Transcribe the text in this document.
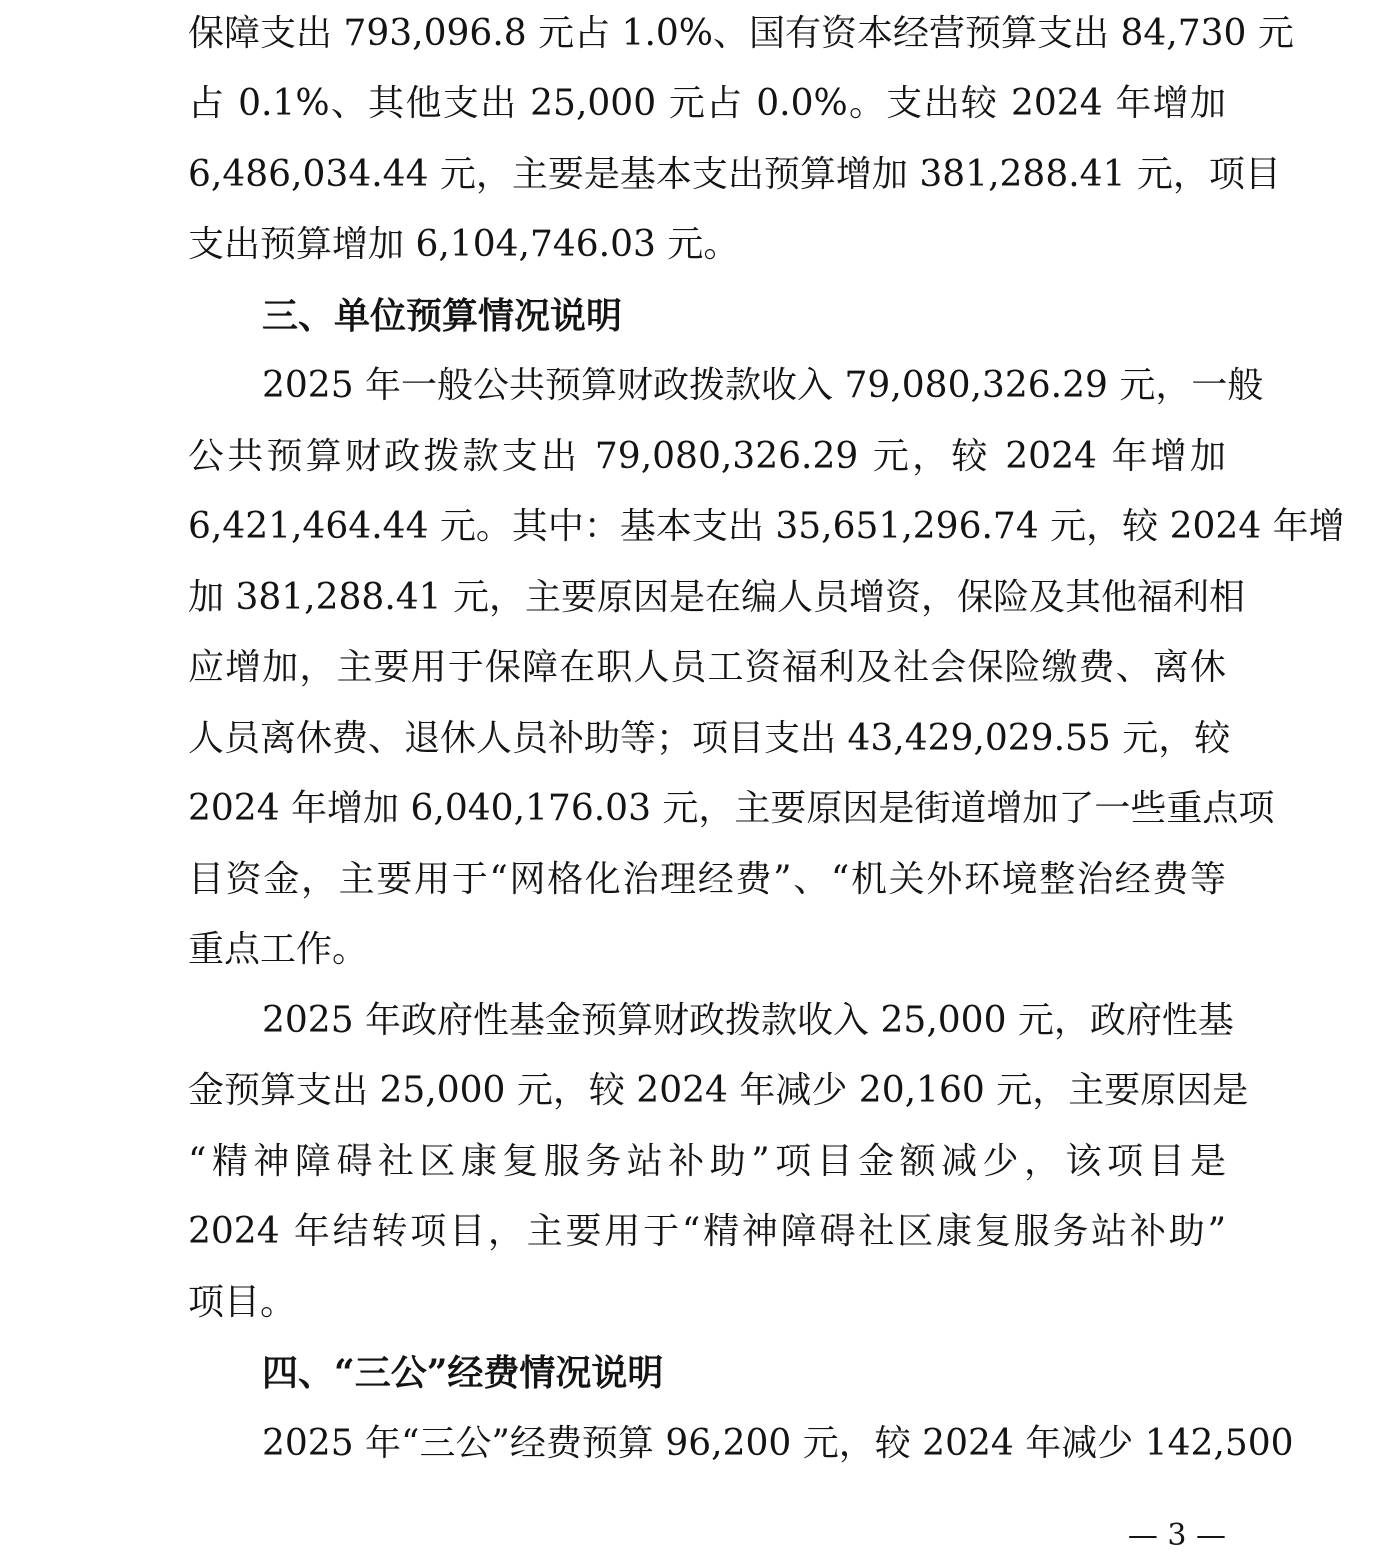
保障支出 793,096.8 元占 1.0%、国有资本经营预算支出 84,730 元
占 0.1%、其他支出 25,000 元占 0.0%。支出较 2024 年增加
6,486,034.44 元，主要是基本支出预算增加 381,288.41 元，项目
支出预算增加 6,104,746.03 元。
三、单位预算情况说明
2025 年一般公共预算财政拨款收入 79,080,326.29 元，一般
公共预算财政拨款支出 79,080,326.29 元，较 2024 年增加
6,421,464.44 元。其中：基本支出 35,651,296.74 元，较 2024 年增
加 381,288.41 元，主要原因是在编人员增资，保险及其他福利相
应增加，主要用于保障在职人员工资福利及社会保险缴费、离休
人员离休费、退休人员补助等；项目支出 43,429,029.55 元，较
2024 年增加 6,040,176.03 元，主要原因是街道增加了一些重点项
目资金，主要用于“网格化治理经费”、“机关外环境整治经费等
重点工作。
2025 年政府性基金预算财政拨款收入 25,000 元，政府性基
金预算支出 25,000 元，较 2024 年减少 20,160 元，主要原因是
“精神障碍社区康复服务站补助”项目金额减少，该项目是
2024 年结转项目，主要用于“精神障碍社区康复服务站补助”
项目。
四、“三公”经费情况说明
2025 年“三公”经费预算 96,200 元，较 2024 年减少 142,500
— 3 —
